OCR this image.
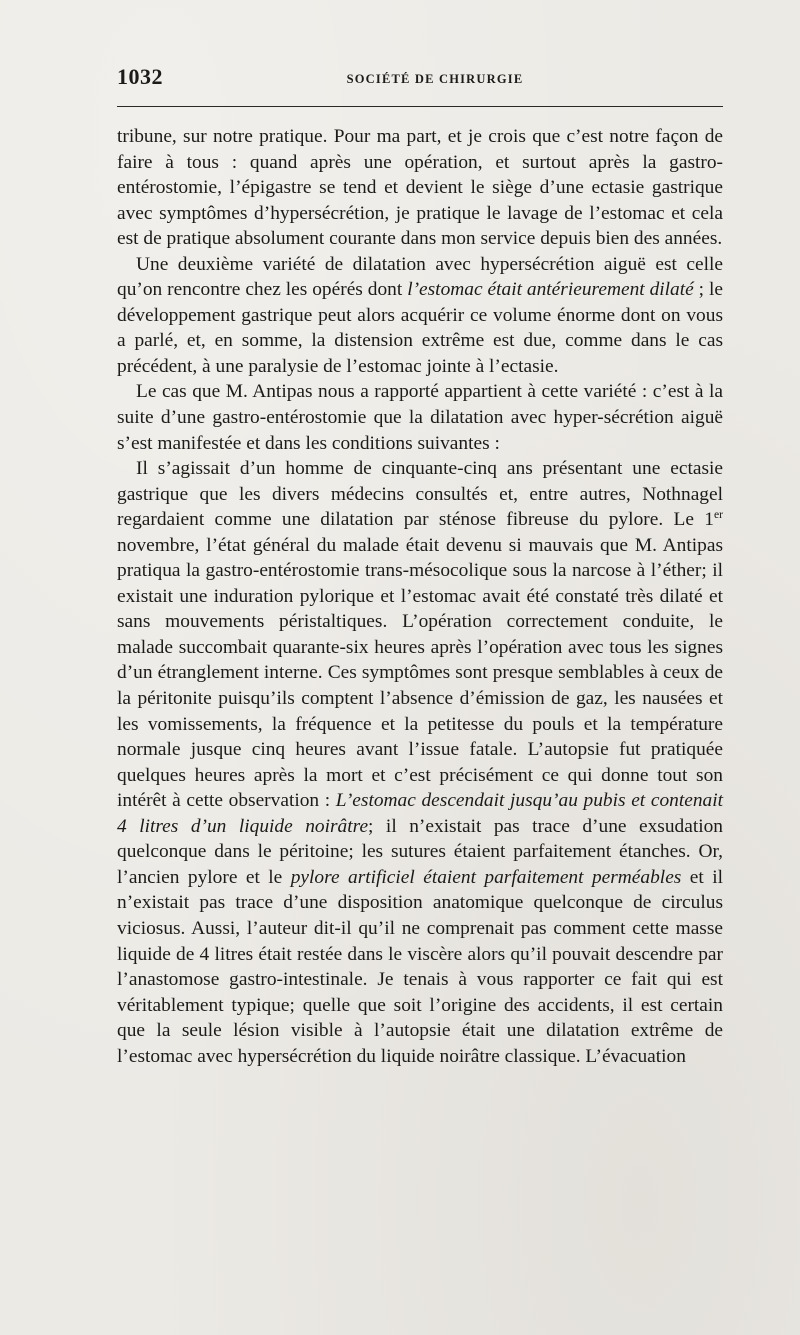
1032	SOCIÉTÉ DE CHIRURGIE

tribune, sur notre pratique. Pour ma part, et je crois que c’est notre façon de faire à tous : quand après une opération, et surtout après la gastro-entérostomie, l’épigastre se tend et devient le siège d’une ectasie gastrique avec symptômes d’hypersécrétion, je pratique le lavage de l’estomac et cela est de pratique absolument courante dans mon service depuis bien des années.

Une deuxième variété de dilatation avec hypersécrétion aiguë est celle qu’on rencontre chez les opérés dont l’estomac était antérieurement dilaté ; le développement gastrique peut alors acquérir ce volume énorme dont on vous a parlé, et, en somme, la distension extrême est due, comme dans le cas précédent, à une paralysie de l’estomac jointe à l’ectasie.

Le cas que M. Antipas nous a rapporté appartient à cette variété : c’est à la suite d’une gastro-entérostomie que la dilatation avec hyper-sécrétion aiguë s’est manifestée et dans les conditions suivantes :

Il s’agissait d’un homme de cinquante-cinq ans présentant une ectasie gastrique que les divers médecins consultés et, entre autres, Nothnagel regardaient comme une dilatation par sténose fibreuse du pylore. Le 1er novembre, l’état général du malade était devenu si mauvais que M. Antipas pratiqua la gastro-entérostomie trans-mésocolique sous la narcose à l’éther; il existait une induration pylorique et l’estomac avait été constaté très dilaté et sans mouvements péristaltiques. L’opération correctement conduite, le malade succombait quarante-six heures après l’opération avec tous les signes d’un étranglement interne. Ces symptômes sont presque semblables à ceux de la péritonite puisqu’ils comptent l’absence d’émission de gaz, les nausées et les vomissements, la fréquence et la petitesse du pouls et la température normale jusque cinq heures avant l’issue fatale. L’autopsie fut pratiquée quelques heures après la mort et c’est précisément ce qui donne tout son intérêt à cette observation : L’estomac descendait jusqu’au pubis et contenait 4 litres d’un liquide noirâtre; il n’existait pas trace d’une exsudation quelconque dans le péritoine; les sutures étaient parfaitement étanches. Or, l’ancien pylore et le pylore artificiel étaient parfaitement perméables et il n’existait pas trace d’une disposition anatomique quelconque de circulus viciosus. Aussi, l’auteur dit-il qu’il ne comprenait pas comment cette masse liquide de 4 litres était restée dans le viscère alors qu’il pouvait descendre par l’anastomose gastro-intestinale. Je tenais à vous rapporter ce fait qui est véritablement typique; quelle que soit l’origine des accidents, il est certain que la seule lésion visible à l’autopsie était une dilatation extrême de l’estomac avec hypersécrétion du liquide noirâtre classique. L’évacuation
